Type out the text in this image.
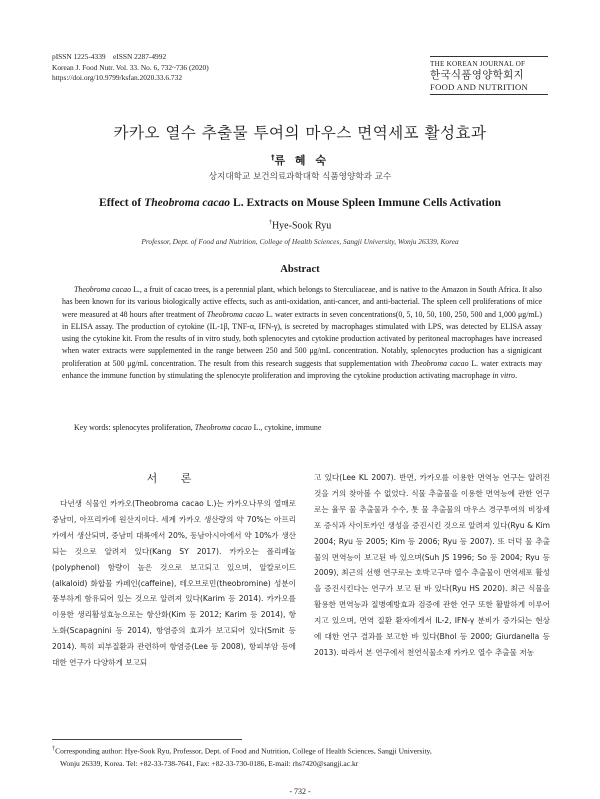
pISSN 1225-4339    eISSN 2287-4992
Korean J. Food Nutr. Vol. 33. No. 6, 732~736 (2020)
https://doi.org/10.9799/ksfan.2020.33.6.732
THE KOREAN JOURNAL OF
한국식품영양학회지
FOOD AND NUTRITION
카카오 열수 추출물 투여의 마우스 면역세포 활성효과
†류 혜 숙
상지대학교 보건의료과학대학 식품영양학과 교수
Effect of Theobroma cacao L. Extracts on Mouse Spleen Immune Cells Activation
†Hye-Sook Ryu
Professor, Dept. of Food and Nutrition, College of Health Sciences, Sangji University, Wonju 26339, Korea
Abstract
Theobroma cacao L., a fruit of cacao trees, is a perennial plant, which belongs to Sterculiaceae, and is native to the Amazon in South Africa. It also has been known for its various biologically active effects, such as anti-oxidation, anti-cancer, and anti-bacterial. The spleen cell proliferations of mice were measured at 48 hours after treatment of Theobroma cacao L. water extracts in seven concentrations(0, 5, 10, 50, 100, 250, 500 and 1,000 μg/mL) in ELISA assay. The production of cytokine (IL-1β, TNF-α, IFN-γ), is secreted by macrophages stimulated with LPS, was detected by ELISA assay using the cytokine kit. From the results of in vitro study, both splenocytes and cytokine production activated by peritoneal macrophages have increased when water extracts were supplemented in the range between 250 and 500 μg/mL concentration. Notably, splenocytes production has a signigicant proliferation at 500 μg/mL concentration. The result from this research suggests that supplementation with Theobroma cacao L. water extracts may enhance the immune function by stimulating the splenocyte proliferation and improving the cytokine production activating macrophage in vitro.
Key words: splenocytes proliferation, Theobroma cacao L., cytokine, immune
서 론
다년생 식물인 카카오(Theobroma cacao L.)는 카카오나무의 열매로 중남미, 아프리카에 원산지이다. 세계 카카오 생산량의 약 70%는 아프리카에서 생산되며, 중남미 대륙에서 20%, 동남아시아에서 약 10%가 생산되는 것으로 알려져 있다(Kang SY 2017). 카카오는 폴리페놀(polyphenol) 함량이 높은 것으로 보고되고 있으며, 알칼로이드(alkaloid) 화합물 카페인(caffeine), 테오브로민(theobromine) 성분이 풍부하게 함유되어 있는 것으로 알려져 있다(Karim 등 2014). 카카오를 이용한 생리활성효능으로는 항산화(Kim 등 2012; Karim 등 2014), 항노화(Scapagnini 등 2014), 항염증의 효과가 보고되어 있다(Smit 등 2014). 특히 피부질환과 관련하여 항염증(Lee 등 2008), 항피부암 등에 대한 연구가 다양하게 보고되
고 있다(Lee KL 2007). 반면, 카카오를 이용한 면역능 연구는 알려진 것을 거의 찾아볼 수 없었다. 식물 추출물을 이용한 면역능에 관한 연구로는 율무 물 추출물과 수수, 톳 물 추출물의 마우스 경구투여의 비장세포 증식과 사이토카인 생성을 증진시킨 것으로 알려져 있다(Ryu & Kim 2004; Ryu 등 2005; Kim 등 2006; Ryu 등 2007). 또 더덕 물 추출물의 면역능이 보고된 바 있으며(Suh JS 1996; So 등 2004; Ryu 등 2009), 최근의 선행 연구로는 호박고구마 열수 추출물이 면역세포 활성을 증진시킨다는 연구가 보고 된 바 있다(Ryu HS 2020). 최근 식물을 활용한 면역능과 질병예방효과 검증에 관한 연구 또한 활발하게 이루어지고 있으며, 면역 질환 환자에게서 IL-2, IFN-γ 분비가 증가되는 현상에 대한 연구 결과를 보고한 바 있다(Bhol 등 2000; Giurdanella 등 2013). 따라서 본 연구에서 천연식물소재 카카오 열수 추출물 저농
†Corresponding author: Hye-Sook Ryu, Professor, Dept. of Food and Nutrition, College of Health Sciences, Sangji University,
Wonju 26339, Korea. Tel: +82-33-738-7641, Fax: +82-33-730-0186, E-mail: rhs7420@sangji.ac.kr
- 732 -
